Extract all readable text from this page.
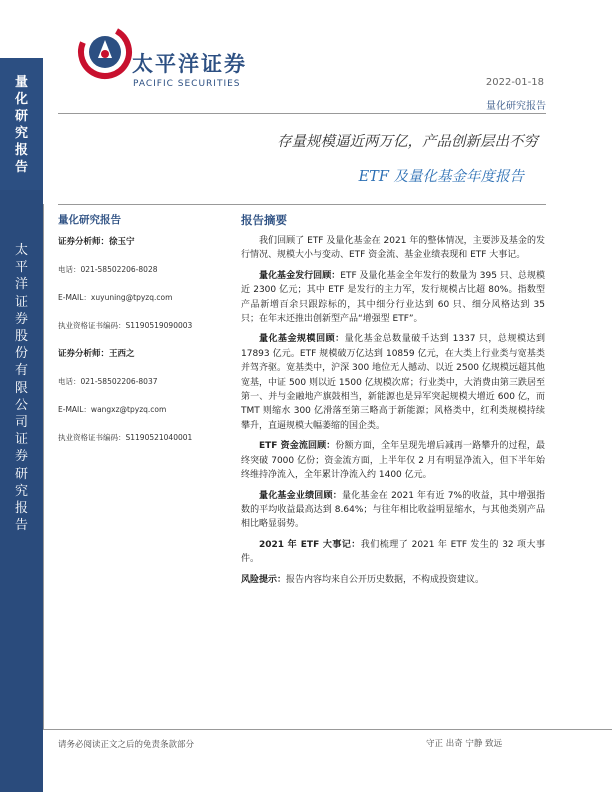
量
化
研
究
报
告
太
平
洋
证
券
股
份
有
限
公
司
证
券
研
究
报
告
太平洋证券
PACIFIC SECURITIES	2022-01-18
量化研究报告
存量规模逼近两万亿，产品创新层出不穷
ETF 及量化基金年度报告
量化研究报告
证券分析师：徐玉宁
电话：021-58502206-8028
E-MAIL：xuyuning@tpyzq.com
执业资格证书编码：S1190519090003
证券分析师：王西之
电话：021-58502206-8037
E-MAIL：wangxz@tpyzq.com
执业资格证书编码：S1190521040001
报告摘要

我们回顾了 ETF 及量化基金在 2021 年的整体情况，主要涉及基金的发行情况、规模大小与变动、ETF 资金流、基金业绩表现和 ETF 大事记。

量化基金发行回顾：ETF 及量化基金全年发行的数量为 395 只、总规模近 2300 亿元；其中 ETF 是发行的主力军，发行规模占比超 80%。指数型产品新增百余只跟踪标的，其中细分行业达到 60 只、细分风格达到 35 只；在年末还推出创新型产品“增强型 ETF”。

量化基金规模回顾：量化基金总数量破千达到 1337 只，总规模达到 17893 亿元。ETF 规模破万亿达到 10859 亿元，在大类上行业类与宽基类并驾齐驱。宽基类中，沪深 300 地位无人撼动、以近 2500 亿规模远超其他宽基，中证 500 则以近 1500 亿规模次席；行业类中，大消费由第三跌居至第一、并与金融地产旗鼓相当，新能源也是异军突起规模大增近 600 亿，而 TMT 则缩水 300 亿滑落至第三略高于新能源；风格类中，红利类规模持续攀升，直逼规模大幅萎缩的国企类。

ETF 资金流回顾：份额方面，全年呈现先增后减再一路攀升的过程，最终突破 7000 亿份；资金流方面，上半年仅 2 月有明显净流入，但下半年始终维持净流入，全年累计净流入约 1400 亿元。

量化基金业绩回顾：量化基金在 2021 年有近 7%的收益，其中增强指数的平均收益最高达到 8.64%；与往年相比收益明显缩水，与其他类别产品相比略显弱势。

2021 年 ETF 大事记：我们梳理了 2021 年 ETF 发生的 32 项大事件。

风险提示：报告内容均来自公开历史数据，不构成投资建议。
请务必阅读正文之后的免责条款部分	守正 出奇 宁静 致远
